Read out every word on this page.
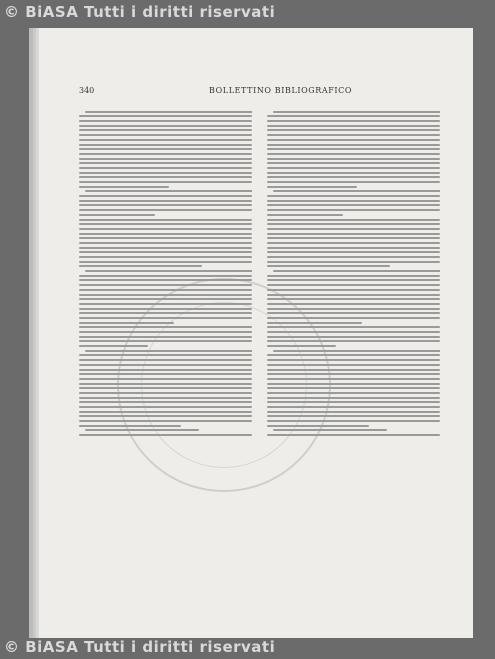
© BiASA Tutti i diritti riservati
340	BOLLETTINO BIBLIOGRAFICO
© BiASA Tutti i diritti riservati
